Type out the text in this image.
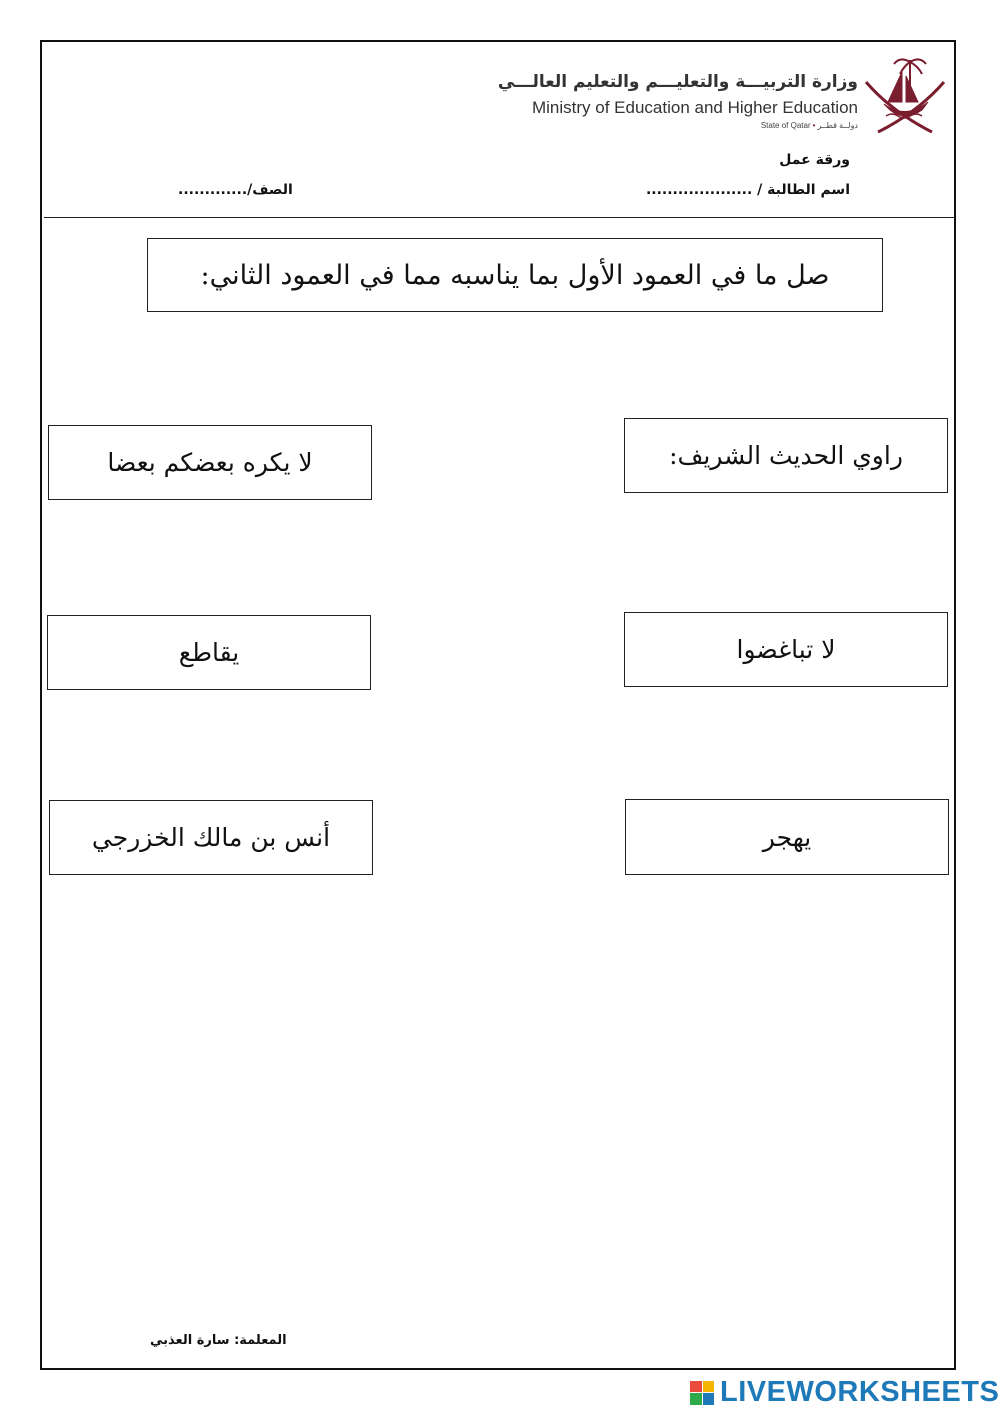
وزارة التربيـــة والتعليـــم والتعليم العالـــي
Ministry of Education and Higher Education
State of Qatar • دولــة قطــر
ورقة عمل
اسم الطالبة / ....................
الصف/.............
صل ما في العمود الأول بما يناسبه مما في العمود الثاني:
راوي الحديث الشريف:
لا تباغضوا
يهجر
لا يكره بعضكم بعضا
يقاطع
أنس بن مالك الخزرجي
المعلمة: سارة العذبي
LIVEWORKSHEETS
